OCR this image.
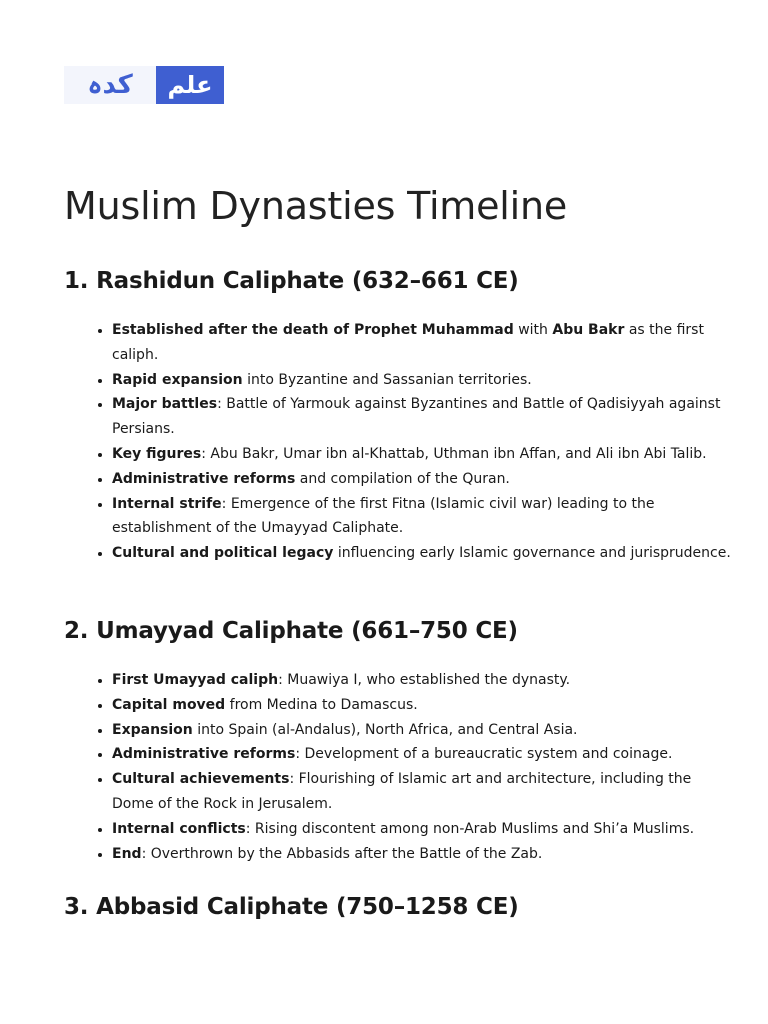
کدہ علم
Muslim Dynasties Timeline
1. Rashidun Caliphate (632–661 CE)
• Established after the death of Prophet Muhammad with Abu Bakr as the first caliph.
• Rapid expansion into Byzantine and Sassanian territories.
• Major battles: Battle of Yarmouk against Byzantines and Battle of Qadisiyyah against Persians.
• Key figures: Abu Bakr, Umar ibn al-Khattab, Uthman ibn Affan, and Ali ibn Abi Talib.
• Administrative reforms and compilation of the Quran.
• Internal strife: Emergence of the first Fitna (Islamic civil war) leading to the establishment of the Umayyad Caliphate.
• Cultural and political legacy influencing early Islamic governance and jurisprudence.
2. Umayyad Caliphate (661–750 CE)
• First Umayyad caliph: Muawiya I, who established the dynasty.
• Capital moved from Medina to Damascus.
• Expansion into Spain (al-Andalus), North Africa, and Central Asia.
• Administrative reforms: Development of a bureaucratic system and coinage.
• Cultural achievements: Flourishing of Islamic art and architecture, including the Dome of the Rock in Jerusalem.
• Internal conflicts: Rising discontent among non-Arab Muslims and Shi’a Muslims.
• End: Overthrown by the Abbasids after the Battle of the Zab.
3. Abbasid Caliphate (750–1258 CE)
